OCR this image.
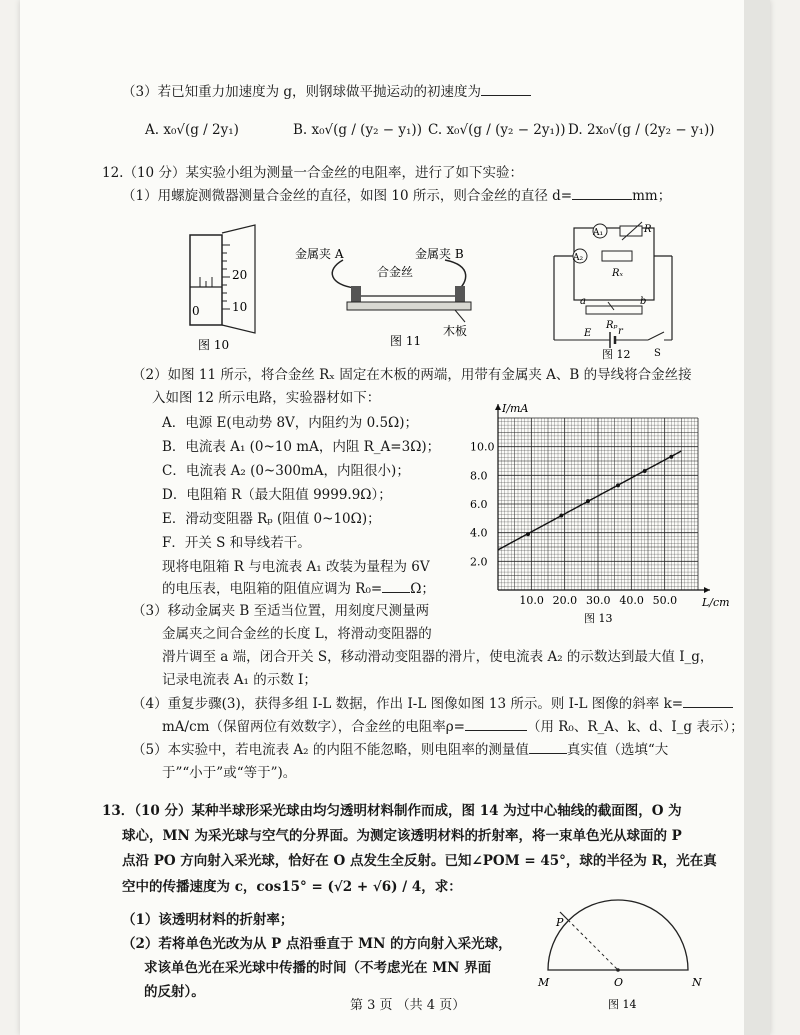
（3）若已知重力加速度为 g，则钢球做平抛运动的初速度为
A. x₀√(g / 2y₁)	B. x₀√(g / (y₂ − y₁)) C. x₀√(g / (y₂ − 2y₁)) D. 2x₀√(g / (2y₂ − y₁))
12.（10 分）某实验小组为测量一合金丝的电阻率，进行了如下实验：
（1）用螺旋测微器测量合金丝的直径，如图 10 所示，则合金丝的直径 d=	mm；
20
10
0
图 10
金属夹 A	金属夹 B
合金丝
木板
图 11
A₁	R
A₂
Rₓ
a	b
Rₚ
E	r
S
图 12
（2）如图 11 所示，将合金丝 Rₓ 固定在木板的两端，用带有金属夹 A、B 的导线将合金丝接
入如图 12 所示电路，实验器材如下：
A．电源 E(电动势 8V，内阻约为 0.5Ω)；
B．电流表 A₁ (0~10 mA，内阻 R_A=3Ω)；
C．电流表 A₂ (0~300mA，内阻很小)；
D．电阻箱 R（最大阻值 9999.9Ω）；
E．滑动变阻器 Rₚ (阻值 0~10Ω)；
F．开关 S 和导线若干。
现将电阻箱 R 与电流表 A₁ 改装为量程为 6V
的电压表，电阻箱的阻值应调为 R₀= Ω；
10.0 20.0 30.0 40.0 50.0
2.0
4.0
6.0
8.0
10.0
L/cm
I/mA
图 13
（3）移动金属夹 B 至适当位置，用刻度尺测量两
金属夹之间合金丝的长度 L，将滑动变阻器的
滑片调至 a 端，闭合开关 S，移动滑动变阻器的滑片，使电流表 A₂ 的示数达到最大值 I_g，
记录电流表 A₁ 的示数 I；
（4）重复步骤(3)，获得多组 I-L 数据，作出 I-L 图像如图 13 所示。则 I-L 图像的斜率 k=
mA/cm（保留两位有效数字），合金丝的电阻率ρ=	（用 R₀、R_A、k、d、I_g 表示）；
（5）本实验中，若电流表 A₂ 的内阻不能忽略，则电阻率的测量值	真实值（选填“大
于”“小于”或“等于”)。
13．（10 分）某种半球形采光球由均匀透明材料制作而成，图 14 为过中心轴线的截面图，O 为
球心，MN 为采光球与空气的分界面。为测定该透明材料的折射率，将一束单色光从球面的 P
点沿 PO 方向射入采光球，恰好在 O 点发生全反射。已知∠POM = 45°，球的半径为 R，光在真
空中的传播速度为 c，cos15° = (√2 + √6) / 4，求：
（1）该透明材料的折射率；
（2）若将单色光改为从 P 点沿垂直于 MN 的方向射入采光球，
求该单色光在采光球中传播的时间（不考虑光在 MN 界面
的反射）。
P
M	O	N
图 14
第 3 页 （共 4 页）
